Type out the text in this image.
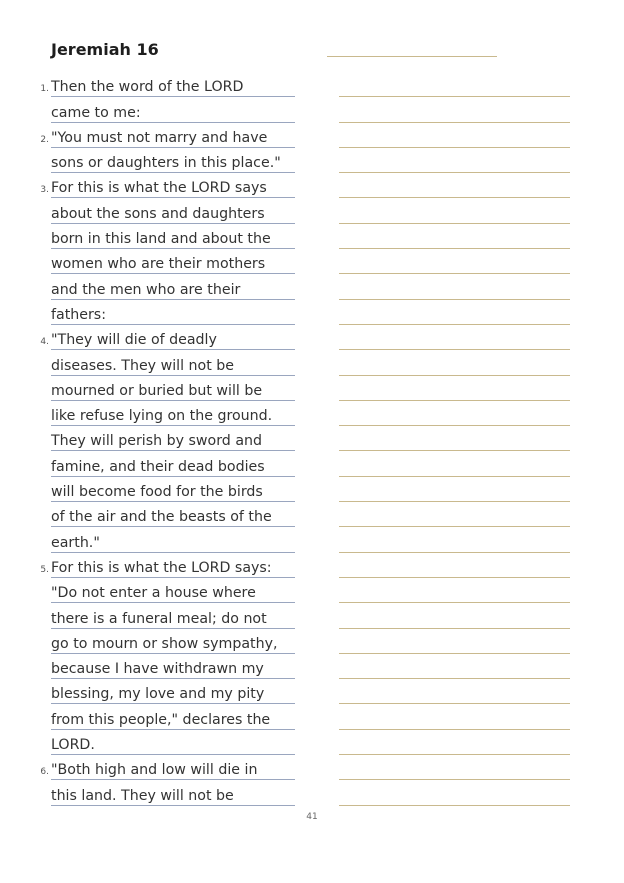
Jeremiah 16
1. Then the word of the LORD
came to me:
2. "You must not marry and have
sons or daughters in this place."
3. For this is what the LORD says
about the sons and daughters
born in this land and about the
women who are their mothers
and the men who are their
fathers:
4. "They will die of deadly
diseases. They will not be
mourned or buried but will be
like refuse lying on the ground.
They will perish by sword and
famine, and their dead bodies
will become food for the birds
of the air and the beasts of the
earth."
5. For this is what the LORD says:
"Do not enter a house where
there is a funeral meal; do not
go to mourn or show sympathy,
because I have withdrawn my
blessing, my love and my pity
from this people," declares the
LORD.
6. "Both high and low will die in
this land. They will not be
41
